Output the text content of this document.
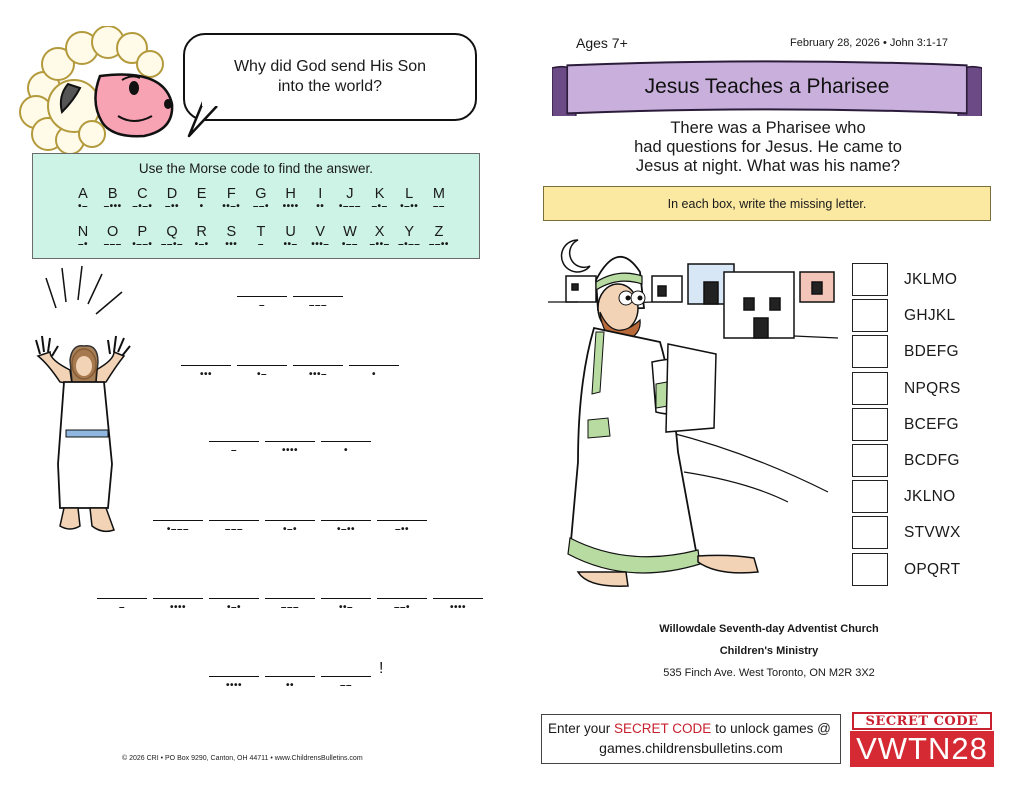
Why did God send His Son
into the world?
Use the Morse code to find the answer.
A
•–
B
–•••
C
–•–•
D
–••
E
•
F
••–•
G
––•
H
••••
I
••
J
•–––
K
–•–
L
•–••
M
––
N
–•
O
–––
P
•––•
Q
––•–
R
•–•
S
•••
T
–
U
••–
V
•••–
W
•––
X
–••–
Y
–•––
Z
––••
–	–––
•••	•–	•••–	•
–	••••	•
•–––	–––	•–•	•–••	–••
–	••••	•–•	–––	••–	––•	••••
••••	••	––
!
© 2026 CRI • PO Box 9290, Canton, OH 44711 • www.ChildrensBulletins.com
Ages 7+	February 28, 2026 • John 3:1-17
Jesus Teaches a Pharisee
There was a Pharisee who
had questions for Jesus. He came to
Jesus at night. What was his name?
In each box, write the missing letter.
JKLMO
GHJKL
BDEFG
NPQRS
BCEFG
BCDFG
JKLNO
STVWX
OPQRT
Willowdale Seventh-day Adventist Church
Children's Ministry
535 Finch Ave. West Toronto, ON M2R 3X2
Enter your SECRET CODE to unlock games @
games.childrensbulletins.com
SECRET CODE
VWTN28
